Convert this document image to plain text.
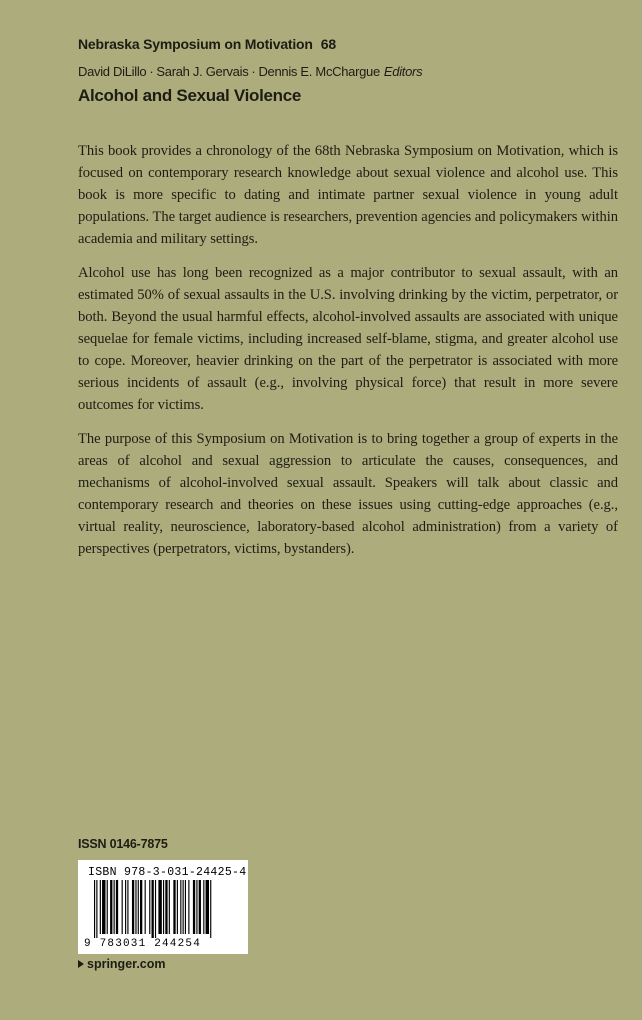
Nebraska Symposium on Motivation 68
David DiLillo · Sarah J. Gervais · Dennis E. McChargue Editors
Alcohol and Sexual Violence

This book provides a chronology of the 68th Nebraska Symposium on Motivation, which is focused on contemporary research knowledge about sexual violence and alcohol use. This book is more specific to dating and intimate partner sexual violence in young adult populations. The target audience is researchers, prevention agencies and policymakers within academia and military settings.

Alcohol use has long been recognized as a major contributor to sexual assault, with an estimated 50% of sexual assaults in the U.S. involving drinking by the victim, perpetrator, or both. Beyond the usual harmful effects, alcohol-involved assaults are associated with unique sequelae for female victims, including increased self-blame, stigma, and greater alcohol use to cope. Moreover, heavier drinking on the part of the perpetrator is associated with more serious incidents of assault (e.g., involving physical force) that result in more severe outcomes for victims.

The purpose of this Symposium on Motivation is to bring together a group of experts in the areas of alcohol and sexual aggression to articulate the causes, consequences, and mechanisms of alcohol-involved sexual assault. Speakers will talk about classic and contemporary research and theories on these issues using cutting-edge approaches (e.g., virtual reality, neuroscience, laboratory-based alcohol administration) from a variety of perspectives (perpetrators, victims, bystanders).

ISSN 0146-7875
ISBN 978-3-031-24425-4
9 783031 244254
springer.com
